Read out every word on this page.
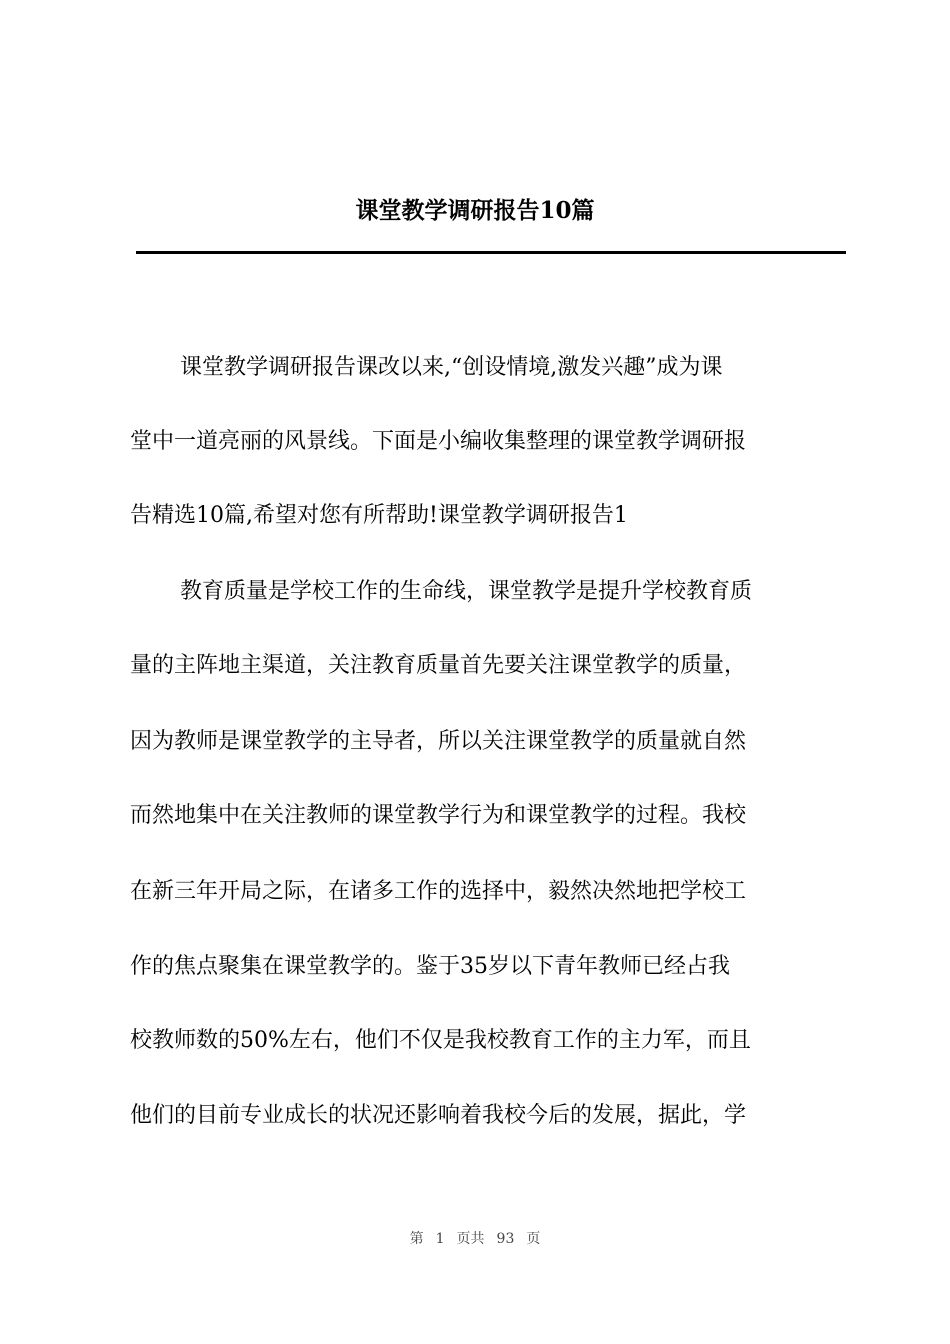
课堂教学调研报告10篇
课堂教学调研报告课改以来,“创设情境,激发兴趣”成为课
堂中一道亮丽的风景线。下面是小编收集整理的课堂教学调研报
告精选10篇,希望对您有所帮助!课堂教学调研报告1
教育质量是学校工作的生命线，课堂教学是提升学校教育质
量的主阵地主渠道，关注教育质量首先要关注课堂教学的质量，
因为教师是课堂教学的主导者，所以关注课堂教学的质量就自然
而然地集中在关注教师的课堂教学行为和课堂教学的过程。我校
在新三年开局之际，在诸多工作的选择中，毅然决然地把学校工
作的焦点聚集在课堂教学的。鉴于35岁以下青年教师已经占我
校教师数的50%左右，他们不仅是我校教育工作的主力军，而且
他们的目前专业成长的状况还影响着我校今后的发展，据此，学
第 1 页共 93 页
